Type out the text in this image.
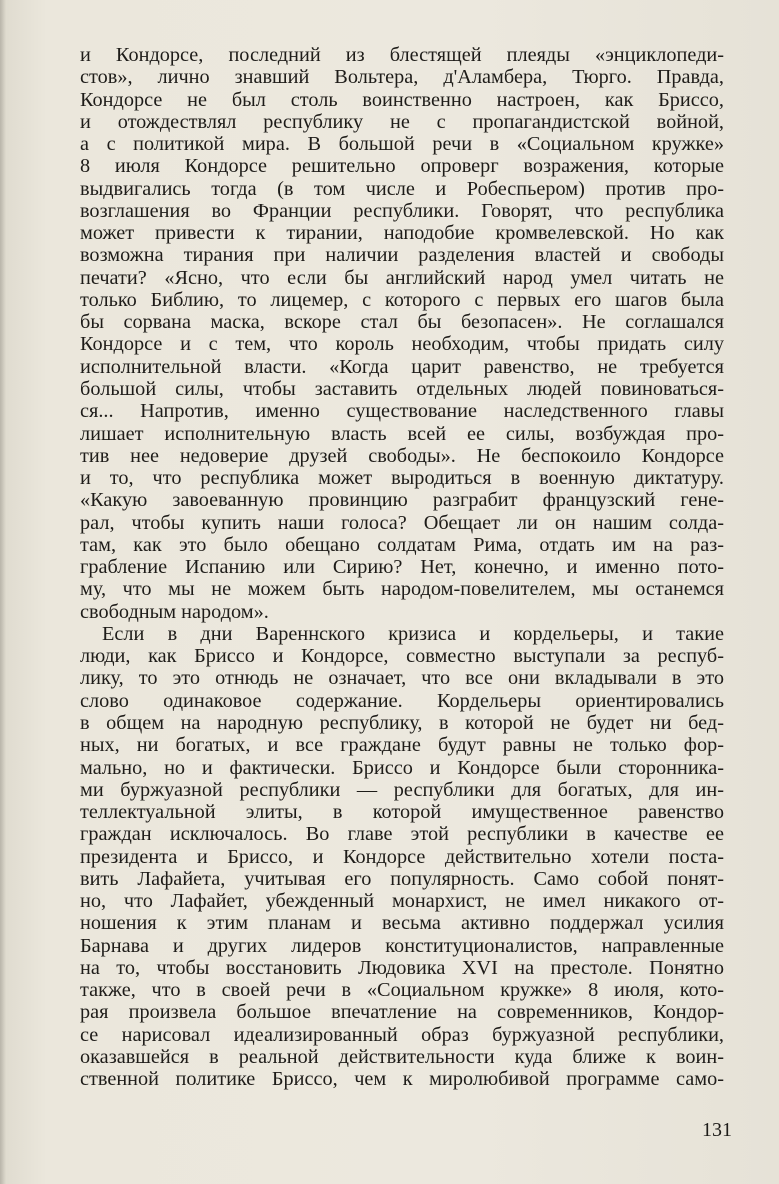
и Кондорсе, последний из блестящей плеяды «энциклопеди-
стов», лично знавший Вольтера, д'Аламбера, Тюрго. Правда,
Кондорсе не был столь воинственно настроен, как Бриссо,
и отождествлял республику не с пропагандистской войной,
а с политикой мира. В большой речи в «Социальном кружке»
8 июля Кондорсе решительно опроверг возражения, которые
выдвигались тогда (в том числе и Робеспьером) против про-
возглашения во Франции республики. Говорят, что республика
может привести к тирании, наподобие кромвелевской. Но как
возможна тирания при наличии разделения властей и свободы
печати? «Ясно, что если бы английский народ умел читать не
только Библию, то лицемер, с которого с первых его шагов была
бы сорвана маска, вскоре стал бы безопасен». Не соглашался
Кондорсе и с тем, что король необходим, чтобы придать силу
исполнительной власти. «Когда царит равенство, не требуется
большой силы, чтобы заставить отдельных людей повиноваться-
ся... Напротив, именно существование наследственного главы
лишает исполнительную власть всей ее силы, возбуждая про-
тив нее недоверие друзей свободы». Не беспокоило Кондорсе
и то, что республика может выродиться в военную диктатуру.
«Какую завоеванную провинцию разграбит французский гене-
рал, чтобы купить наши голоса? Обещает ли он нашим солда-
там, как это было обещано солдатам Рима, отдать им на раз-
грабление Испанию или Сирию? Нет, конечно, и именно пото-
му, что мы не можем быть народом-повелителем, мы останемся
свободным народом».
Если в дни Вареннского кризиса и кордельеры, и такие
люди, как Бриссо и Кондорсе, совместно выступали за респуб-
лику, то это отнюдь не означает, что все они вкладывали в это
слово одинаковое содержание. Кордельеры ориентировались
в общем на народную республику, в которой не будет ни бед-
ных, ни богатых, и все граждане будут равны не только фор-
мально, но и фактически. Бриссо и Кондорсе были сторонника-
ми буржуазной республики — республики для богатых, для ин-
теллектуальной элиты, в которой имущественное равенство
граждан исключалось. Во главе этой республики в качестве ее
президента и Бриссо, и Кондорсе действительно хотели поста-
вить Лафайета, учитывая его популярность. Само собой понят-
но, что Лафайет, убежденный монархист, не имел никакого от-
ношения к этим планам и весьма активно поддержал усилия
Барнава и других лидеров конституционалистов, направленные
на то, чтобы восстановить Людовика XVI на престоле. Понятно
также, что в своей речи в «Социальном кружке» 8 июля, кото-
рая произвела большое впечатление на современников, Кондор-
се нарисовал идеализированный образ буржуазной республики,
оказавшейся в реальной действительности куда ближе к воин-
ственной политике Бриссо, чем к миролюбивой программе само-
131
